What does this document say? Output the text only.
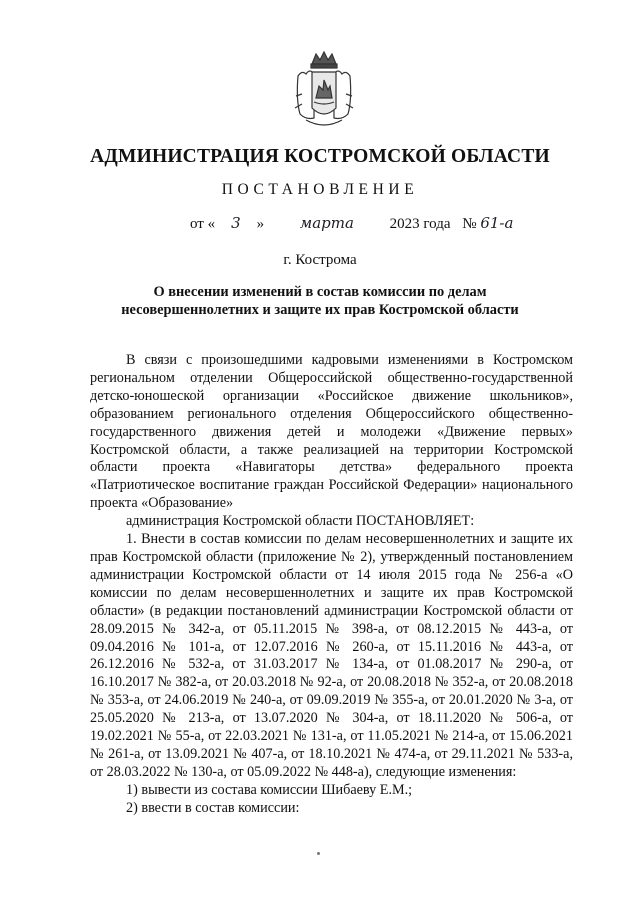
АДМИНИСТРАЦИЯ КОСТРОМСКОЙ ОБЛАСТИ
ПОСТАНОВЛЕНИЕ
от « 3 » марта 2023 года № 61-а
г. Кострома
О внесении изменений в состав комиссии по делам
несовершеннолетних и защите их прав Костромской области

В связи с произошедшими кадровыми изменениями в Костромском региональном отделении Общероссийской общественно-государственной детско-юношеской организации «Российское движение школьников», образованием регионального отделения Общероссийского общественно-государственного движения детей и молодежи «Движение первых» Костромской области, а также реализацией на территории Костромской области проекта «Навигаторы детства» федерального проекта «Патриотическое воспитание граждан Российской Федерации» национального проекта «Образование»

администрация Костромской области ПОСТАНОВЛЯЕТ:

1. Внести в состав комиссии по делам несовершеннолетних и защите их прав Костромской области (приложение № 2), утвержденный постановлением администрации Костромской области от 14 июля 2015 года № 256-а «О комиссии по делам несовершеннолетних и защите их прав Костромской области» (в редакции постановлений администрации Костромской области от 28.09.2015 № 342-а, от 05.11.2015 № 398-а, от 08.12.2015 № 443-а, от 09.04.2016 № 101-а, от 12.07.2016 № 260-а, от 15.11.2016 № 443-а, от 26.12.2016 № 532-а, от 31.03.2017 № 134-а, от 01.08.2017 № 290-а, от 16.10.2017 № 382-а, от 20.03.2018 № 92-а, от 20.08.2018 № 352-а, от 20.08.2018 № 353-а, от 24.06.2019 № 240-а, от 09.09.2019 № 355-а, от 20.01.2020 № 3-а, от 25.05.2020 № 213-а, от 13.07.2020 № 304-а, от 18.11.2020 № 506-а, от 19.02.2021 № 55-а, от 22.03.2021 № 131-а, от 11.05.2021 № 214-а, от 15.06.2021 № 261-а, от 13.09.2021 № 407-а, от 18.10.2021 № 474-а, от 29.11.2021 № 533-а, от 28.03.2022 № 130-а, от 05.09.2022 № 448-а), следующие изменения:

1) вывести из состава комиссии Шибаеву Е.М.;

2) ввести в состав комиссии:
